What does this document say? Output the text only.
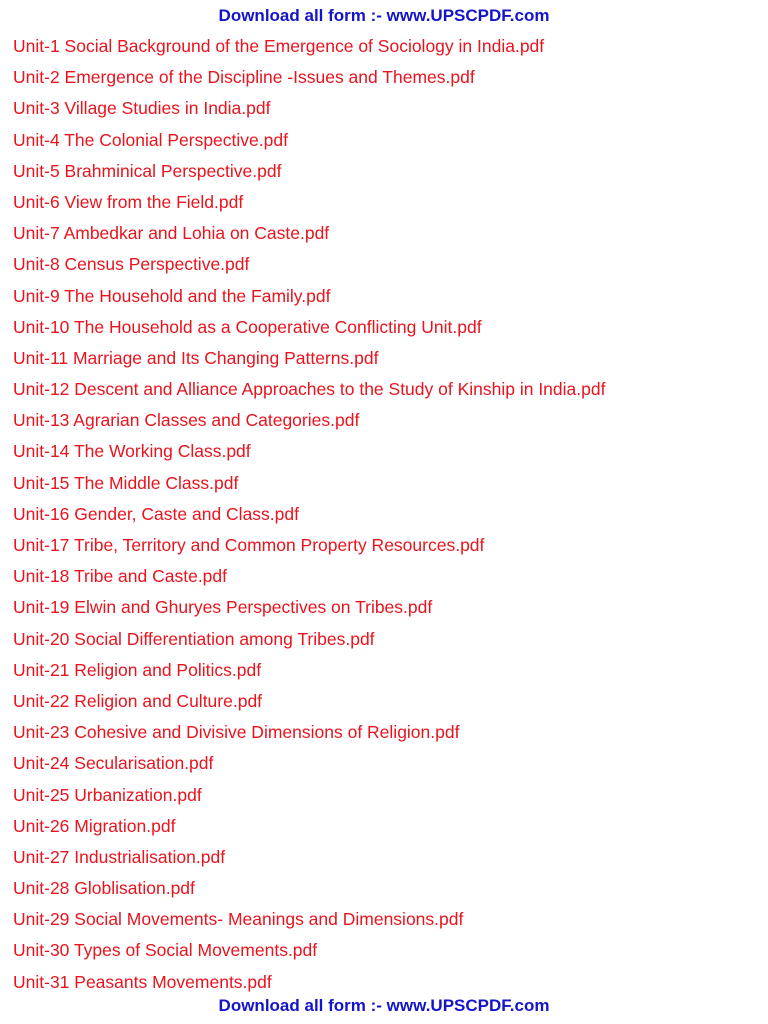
Download all form :- www.UPSCPDF.com
Unit-1 Social Background of the Emergence of Sociology in India.pdf
Unit-2 Emergence of the Discipline -Issues and Themes.pdf
Unit-3 Village Studies in India.pdf
Unit-4 The Colonial Perspective.pdf
Unit-5 Brahminical Perspective.pdf
Unit-6 View from the Field.pdf
Unit-7 Ambedkar and Lohia on Caste.pdf
Unit-8 Census Perspective.pdf
Unit-9 The Household and the Family.pdf
Unit-10 The Household as a Cooperative Conflicting Unit.pdf
Unit-11 Marriage and Its Changing Patterns.pdf
Unit-12 Descent and Alliance Approaches to the Study of Kinship in India.pdf
Unit-13 Agrarian Classes and Categories.pdf
Unit-14 The Working Class.pdf
Unit-15 The Middle Class.pdf
Unit-16 Gender, Caste and Class.pdf
Unit-17 Tribe, Territory and Common Property Resources.pdf
Unit-18 Tribe and Caste.pdf
Unit-19 Elwin and Ghuryes Perspectives on Tribes.pdf
Unit-20 Social Differentiation among Tribes.pdf
Unit-21 Religion and Politics.pdf
Unit-22 Religion and Culture.pdf
Unit-23 Cohesive and Divisive Dimensions of Religion.pdf
Unit-24 Secularisation.pdf
Unit-25 Urbanization.pdf
Unit-26 Migration.pdf
Unit-27 Industrialisation.pdf
Unit-28 Globlisation.pdf
Unit-29 Social Movements- Meanings and Dimensions.pdf
Unit-30 Types of Social Movements.pdf
Unit-31 Peasants Movements.pdf
Download all form :- www.UPSCPDF.com
